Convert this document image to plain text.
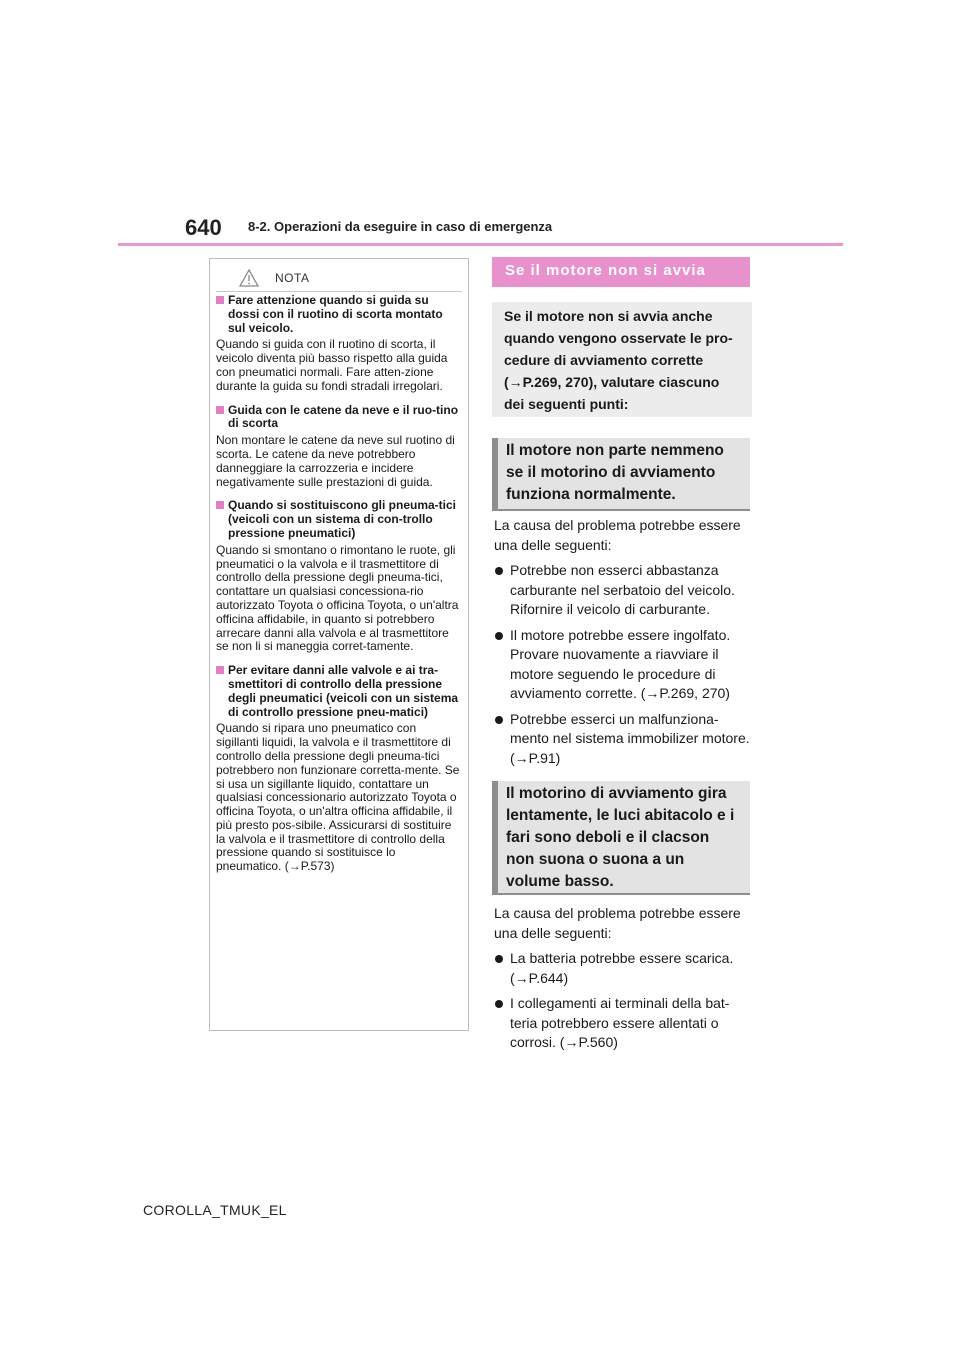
640 8-2. Operazioni da eseguire in caso di emergenza
NOTA
Fare attenzione quando si guida su dossi con il ruotino di scorta montato sul veicolo.
Quando si guida con il ruotino di scorta, il veicolo diventa più basso rispetto alla guida con pneumatici normali. Fare atten-zione durante la guida su fondi stradali irregolari.
Guida con le catene da neve e il ruo-tino di scorta
Non montare le catene da neve sul ruotino di scorta. Le catene da neve potrebbero danneggiare la carrozzeria e incidere negativamente sulle prestazioni di guida.
Quando si sostituiscono gli pneuma-tici (veicoli con un sistema di con-trollo pressione pneumatici)
Quando si smontano o rimontano le ruote, gli pneumatici o la valvola e il trasmettitore di controllo della pressione degli pneuma-tici, contattare un qualsiasi concessiona-rio autorizzato Toyota o officina Toyota, o un'altra officina affidabile, in quanto si potrebbero arrecare danni alla valvola e al trasmettitore se non li si maneggia corret-tamente.
Per evitare danni alle valvole e ai tra-smettitori di controllo della pressione degli pneumatici (veicoli con un sistema di controllo pressione pneu-matici)
Quando si ripara uno pneumatico con sigillanti liquidi, la valvola e il trasmettitore di controllo della pressione degli pneuma-tici potrebbero non funzionare corretta-mente. Se si usa un sigillante liquido, contattare un qualsiasi concessionario autorizzato Toyota o officina Toyota, o un'altra officina affidabile, il più presto pos-sibile. Assicurarsi di sostituire la valvola e il trasmettitore di controllo della pressione quando si sostituisce lo pneumatico. (→P.573)
Se il motore non si avvia
Se il motore non si avvia anche quando vengono osservate le pro-cedure di avviamento corrette (→P.269, 270), valutare ciascuno dei seguenti punti:
Il motore non parte nemmeno se il motorino di avviamento funziona normalmente.
La causa del problema potrebbe essere una delle seguenti:
Potrebbe non esserci abbastanza carburante nel serbatoio del veicolo. Rifornire il veicolo di carburante.
Il motore potrebbe essere ingolfato. Provare nuovamente a riavviare il motore seguendo le procedure di avviamento corrette. (→P.269, 270)
Potrebbe esserci un malfunziona-mento nel sistema immobilizer motore. (→P.91)
Il motorino di avviamento gira lentamente, le luci abitacolo e i fari sono deboli e il clacson non suona o suona a un volume basso.
La causa del problema potrebbe essere una delle seguenti:
La batteria potrebbe essere scarica. (→P.644)
I collegamenti ai terminali della bat-teria potrebbero essere allentati o corrosi. (→P.560)
COROLLA_TMUK_EL
